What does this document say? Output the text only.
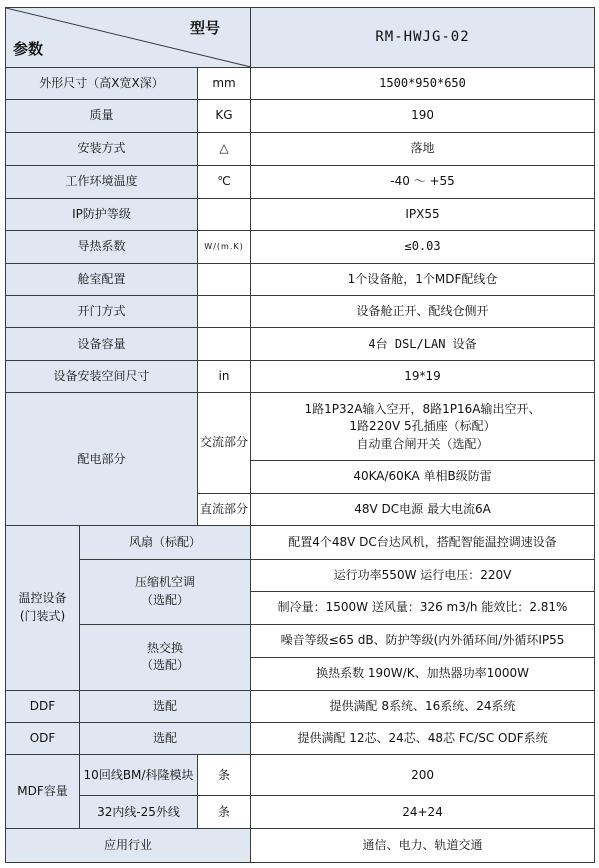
型号
参数			RM-HWJG-02
外形尺寸（高X宽X深）		mm	1500*950*650
质量		KG	190
安装方式		△	落地
工作环境温度		℃	-40 ～ +55
IP防护等级			IPX55
导热系数		W/(m.K)	≤0.03
舱室配置			1个设备舱，1个MDF配线仓
开门方式			设备舱正开、配线仓侧开
设备容量			4台 DSL/LAN 设备
设备安装空间尺寸		in	19*19
配电部分		交流部分	1路1P32A输入空开，8路1P16A输出空开、
1路220V 5孔插座（标配）
自动重合闸开关（选配）

			40KA/60KA 单相B级防雷
		直流部分	48V DC电源 最大电流6A

温控设备
(门装式)	风扇（标配）		配置4个48V DC台达风机，搭配智能温控调速设备

	压缩机空调
（选配）		运行功率550W 运行电压：220V
			制冷量：1500W 送风量：326 m3/h 能效比：2.81%

	热交换
（选配）		噪音等级≤65 dB、防护等级(内外循环间/外循环IP55
			换热系数 190W/K、加热器功率1000W
DDF	选配		提供满配 8系统、16系统、24系统
ODF	选配		提供满配 12芯、24芯、48芯 FC/SC ODF系统
MDF容量	10回线BM/科隆模块	条	200
	32内线-25外线	条	24+24
应用行业			通信、电力、轨道交通
